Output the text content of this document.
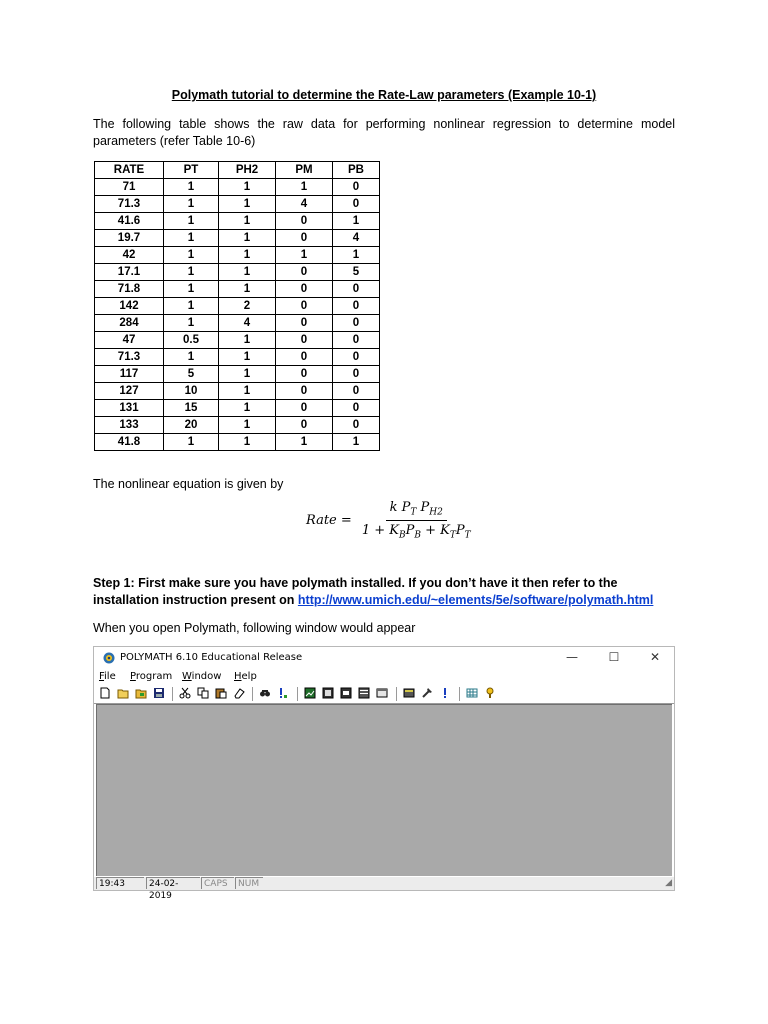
Polymath tutorial to determine the Rate-Law parameters (Example 10-1)
The following table shows the raw data for performing nonlinear regression to determine model parameters (refer Table 10-6)
RATE	PT	PH2	PM	PB
71	1	1	1	0
71.3	1	1	4	0
41.6	1	1	0	1
19.7	1	1	0	4
42	1	1	1	1
17.1	1	1	0	5
71.8	1	1	0	0
142	1	2	0	0
284	1	4	0	0
47	0.5	1	0	0
71.3	1	1	0	0
117	5	1	0	0
127	10	1	0	0
131	15	1	0	0
133	20	1	0	0
41.8	1	1	1	1
The nonlinear equation is given by
Rate = $\frac{k P_T P_{H2}}{1 + K_BP_B + K_TP_T}$
Step 1: First make sure you have polymath installed. If you don’t have it then refer to the installation instruction present on http://www.umich.edu/~elements/5e/software/polymath.html
When you open Polymath, following window would appear
POLYMATH 6.10 Educational Release	—	☐	✕
File Program Window Help
19:43	24-02-2019
CAPS	NUM	◢
